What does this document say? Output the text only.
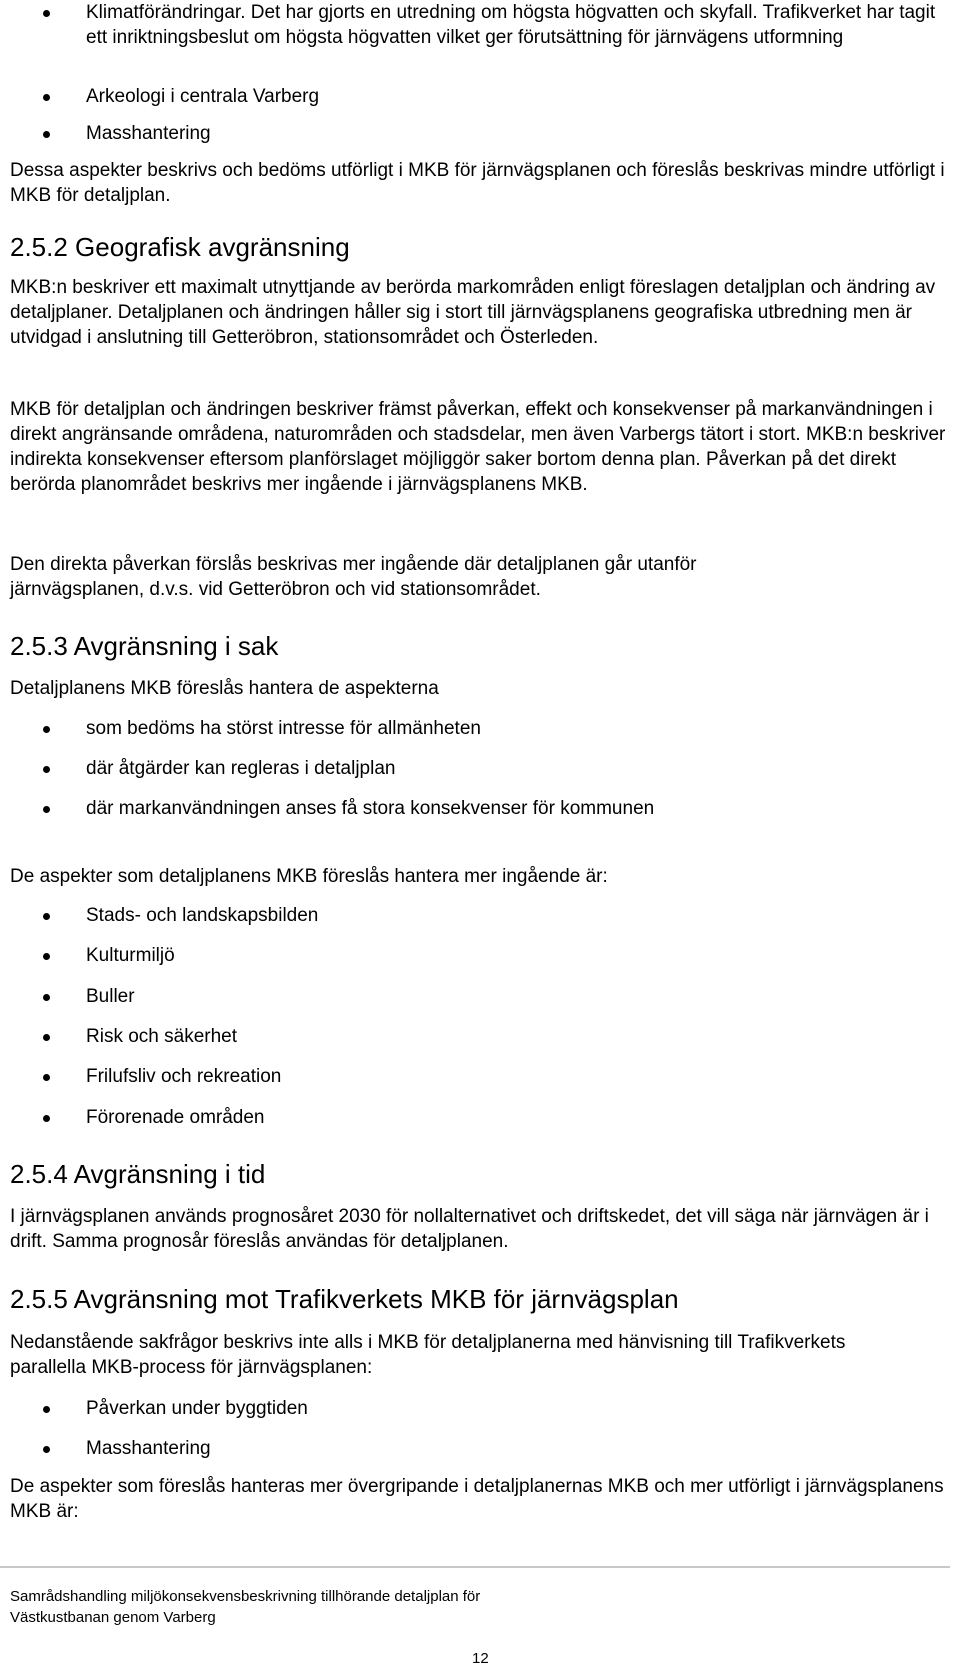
Klimatförändringar. Det har gjorts en utredning om högsta högvatten och skyfall. Trafikverket har tagit ett inriktningsbeslut om högsta högvatten vilket ger förutsättning för järnvägens utformning
Arkeologi i centrala Varberg
Masshantering

Dessa aspekter beskrivs och bedöms utförligt i MKB för järnvägsplanen och föreslås beskrivas mindre utförligt i MKB för detaljplan.

2.5.2 Geografisk avgränsning

MKB:n beskriver ett maximalt utnyttjande av berörda markområden enligt föreslagen detaljplan och ändring av detaljplaner. Detaljplanen och ändringen håller sig i stort till järnvägsplanens geografiska utbredning men är utvidgad i anslutning till Getteröbron, stationsområdet och Österleden.

MKB för detaljplan och ändringen beskriver främst påverkan, effekt och konsekvenser på markanvändningen i direkt angränsande områdena, naturområden och stadsdelar, men även Varbergs tätort i stort. MKB:n beskriver indirekta konsekvenser eftersom planförslaget möjliggör saker bortom denna plan. Påverkan på det direkt berörda planområdet beskrivs mer ingående i järnvägsplanens MKB.

Den direkta påverkan förslås beskrivas mer ingående där detaljplanen går utanför järnvägsplanen, d.v.s. vid Getteröbron och vid stationsområdet.

2.5.3 Avgränsning i sak

Detaljplanens MKB föreslås hantera de aspekterna

som bedöms ha störst intresse för allmänheten
där åtgärder kan regleras i detaljplan
där markanvändningen anses få stora konsekvenser för kommunen

De aspekter som detaljplanens MKB föreslås hantera mer ingående är:

Stads- och landskapsbilden
Kulturmiljö
Buller
Risk och säkerhet
Frilufsliv och rekreation
Förorenade områden
2.5.4 Avgränsning i tid

I järnvägsplanen används prognosåret 2030 för nollalternativet och driftskedet, det vill säga när järnvägen är i drift. Samma prognosår föreslås användas för detaljplanen.

2.5.5 Avgränsning mot Trafikverkets MKB för järnvägsplan

Nedanstående sakfrågor beskrivs inte alls i MKB för detaljplanerna med hänvisning till Trafikverkets parallella MKB-process för järnvägsplanen:

Påverkan under byggtiden
Masshantering

De aspekter som föreslås hanteras mer övergripande i detaljplanernas MKB och mer utförligt i järnvägsplanens MKB är:

Samrådshandling miljökonsekvensbeskrivning tillhörande detaljplan för
Västkustbanan genom Varberg
12
